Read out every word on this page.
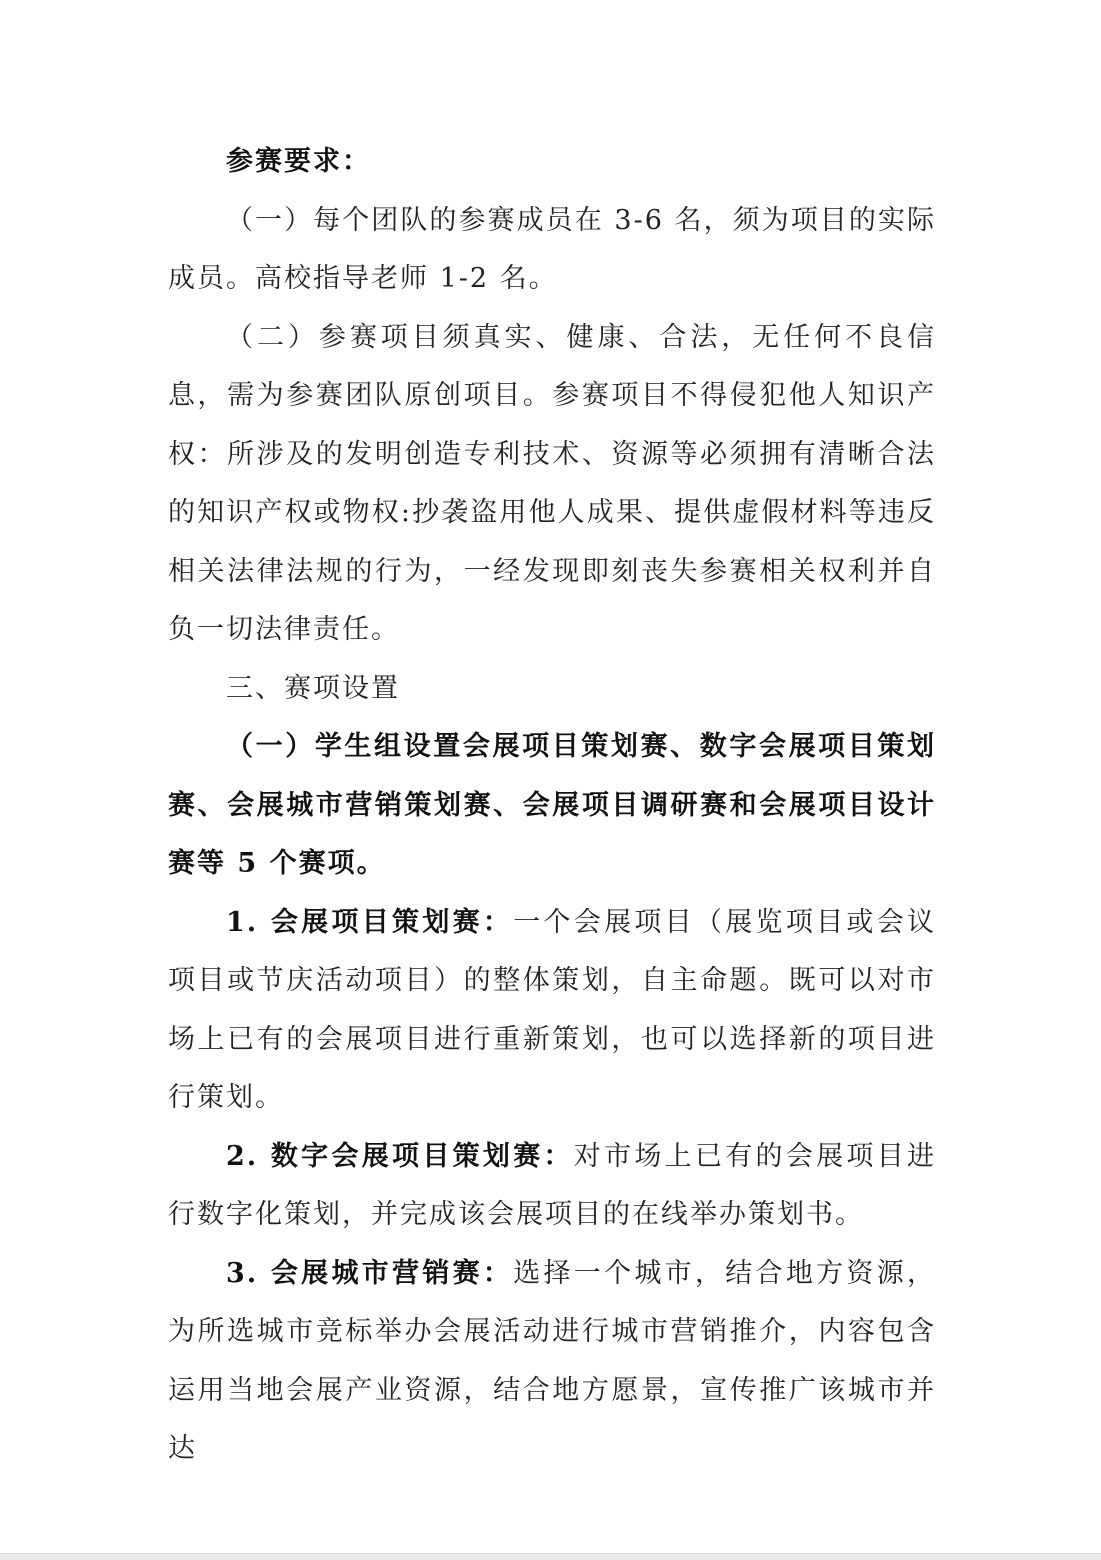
参赛要求：

（一）每个团队的参赛成员在 3-6 名，须为项目的实际成员。高校指导老师 1-2 名。

（二）参赛项目须真实、健康、合法，无任何不良信息，需为参赛团队原创项目。参赛项目不得侵犯他人知识产权：所涉及的发明创造专利技术、资源等必须拥有清晰合法的知识产权或物权:抄袭盗用他人成果、提供虚假材料等违反相关法律法规的行为，一经发现即刻丧失参赛相关权利并自负一切法律责任。

三、赛项设置

（一）学生组设置会展项目策划赛、数字会展项目策划赛、会展城市营销策划赛、会展项目调研赛和会展项目设计赛等 5 个赛项。

1. 会展项目策划赛：一个会展项目（展览项目或会议项目或节庆活动项目）的整体策划，自主命题。既可以对市场上已有的会展项目进行重新策划，也可以选择新的项目进行策划。

2. 数字会展项目策划赛：对市场上已有的会展项目进行数字化策划，并完成该会展项目的在线举办策划书。

3. 会展城市营销赛：选择一个城市，结合地方资源，为所选城市竞标举办会展活动进行城市营销推介，内容包含运用当地会展产业资源，结合地方愿景，宣传推广该城市并达
